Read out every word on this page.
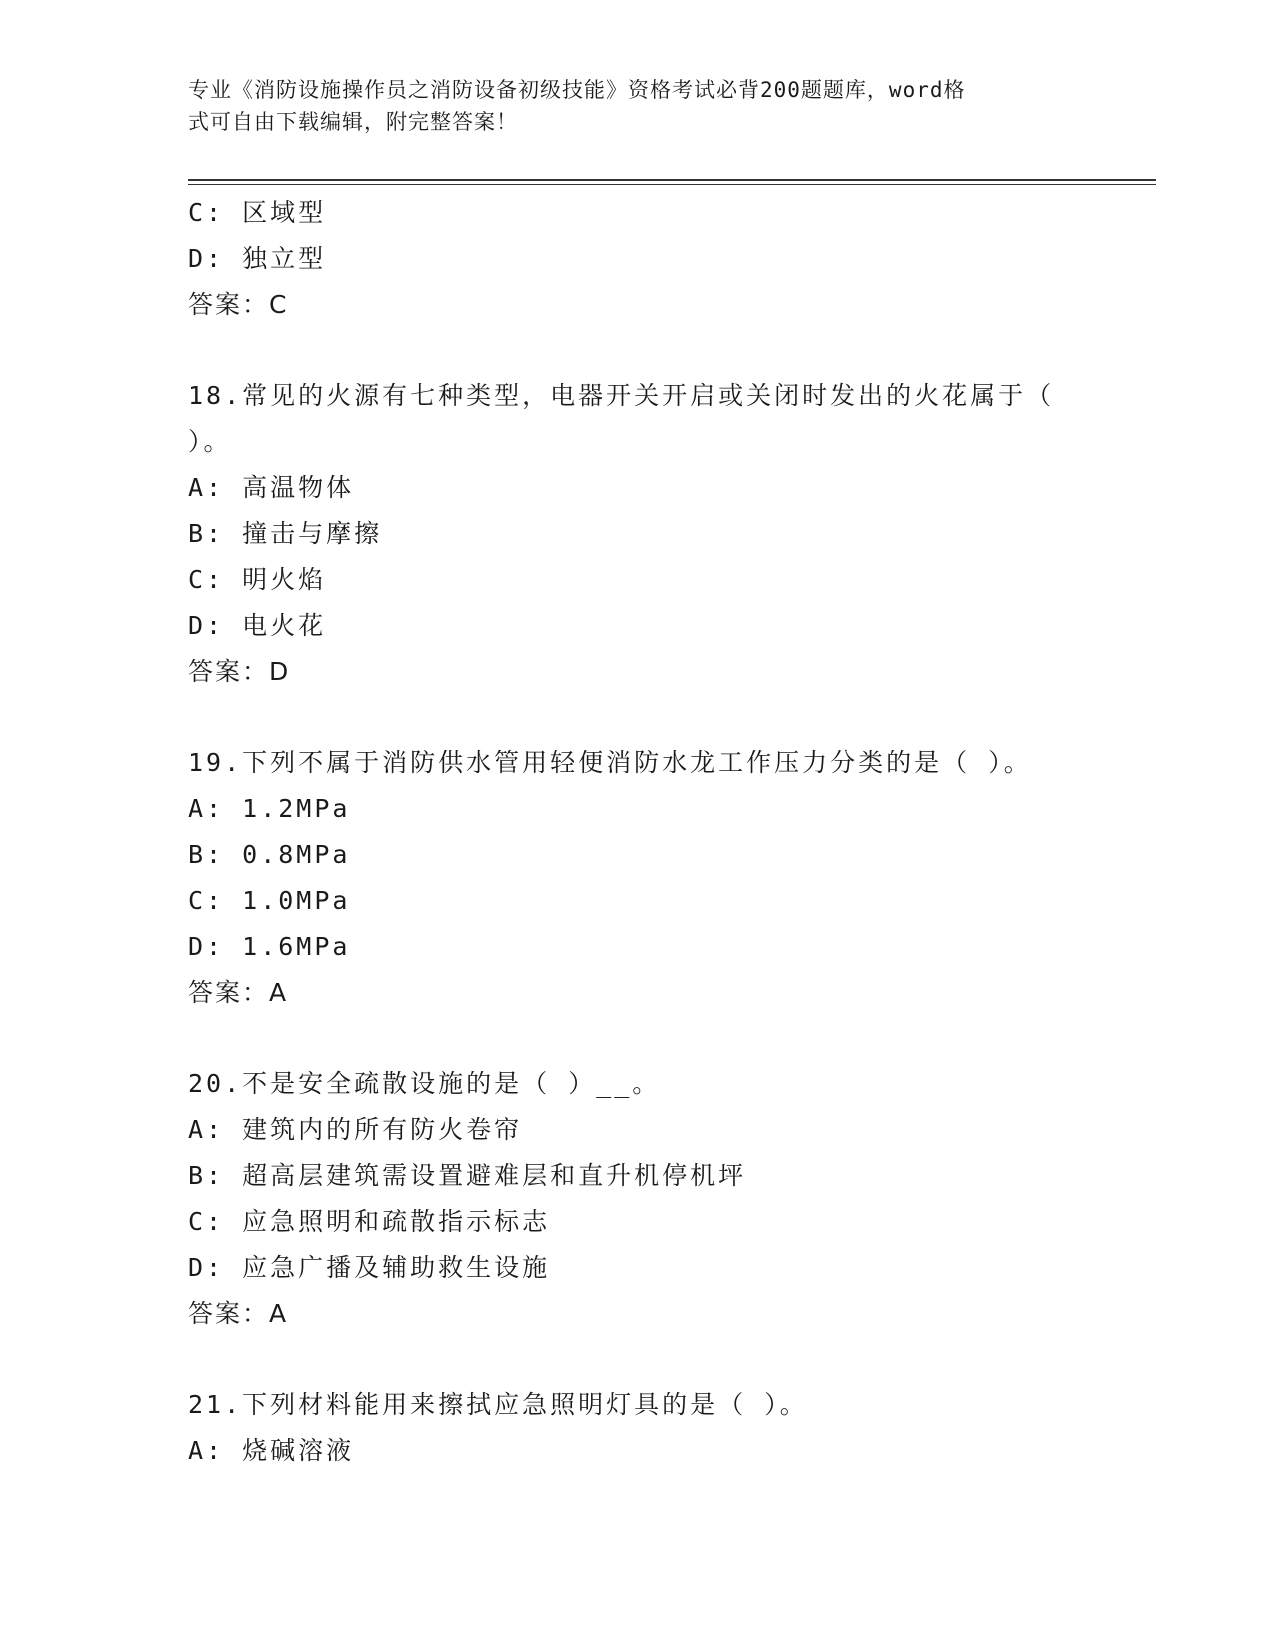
专业《消防设施操作员之消防设备初级技能》资格考试必背200题题库，word格
式可自由下载编辑，附完整答案！
C: 区域型
D: 独立型
答案：C
18.常见的火源有七种类型，电器开关开启或关闭时发出的火花属于（
）。
A: 高温物体
B: 撞击与摩擦
C: 明火焰
D: 电火花
答案：D
19.下列不属于消防供水管用轻便消防水龙工作压力分类的是（ ）。
A: 1.2MPa
B: 0.8MPa
C: 1.0MPa
D: 1.6MPa
答案：A
20.不是安全疏散设施的是（ ）__。
A: 建筑内的所有防火卷帘
B: 超高层建筑需设置避难层和直升机停机坪
C: 应急照明和疏散指示标志
D: 应急广播及辅助救生设施
答案：A
21.下列材料能用来擦拭应急照明灯具的是（ ）。
A: 烧碱溶液
